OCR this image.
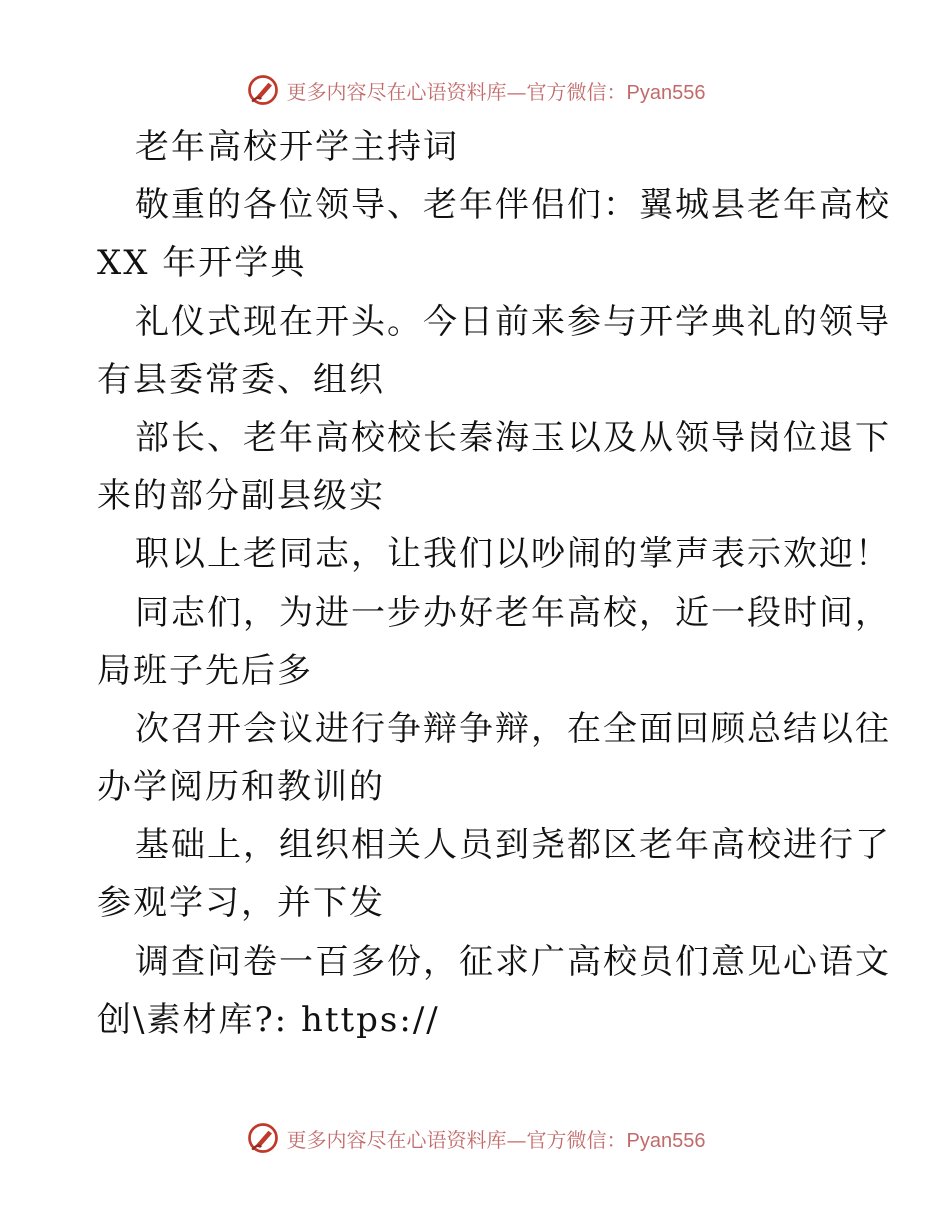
更多内容尽在心语资料库—官方微信：Pyan556
老年高校开学主持词
敬重的各位领导、老年伴侣们：翼城县老年高校
XX 年开学典
礼仪式现在开头。今日前来参与开学典礼的领导
有县委常委、组织
部长、老年高校校长秦海玉以及从领导岗位退下
来的部分副县级实
职以上老同志，让我们以吵闹的掌声表示欢迎！
同志们，为进一步办好老年高校，近一段时间，
局班子先后多
次召开会议进行争辩争辩，在全面回顾总结以往
办学阅历和教训的
基础上，组织相关人员到尧都区老年高校进行了
参观学习，并下发
调查问卷一百多份，征求广高校员们意见心语文
创\素材库?: https://
更多内容尽在心语资料库—官方微信：Pyan556
